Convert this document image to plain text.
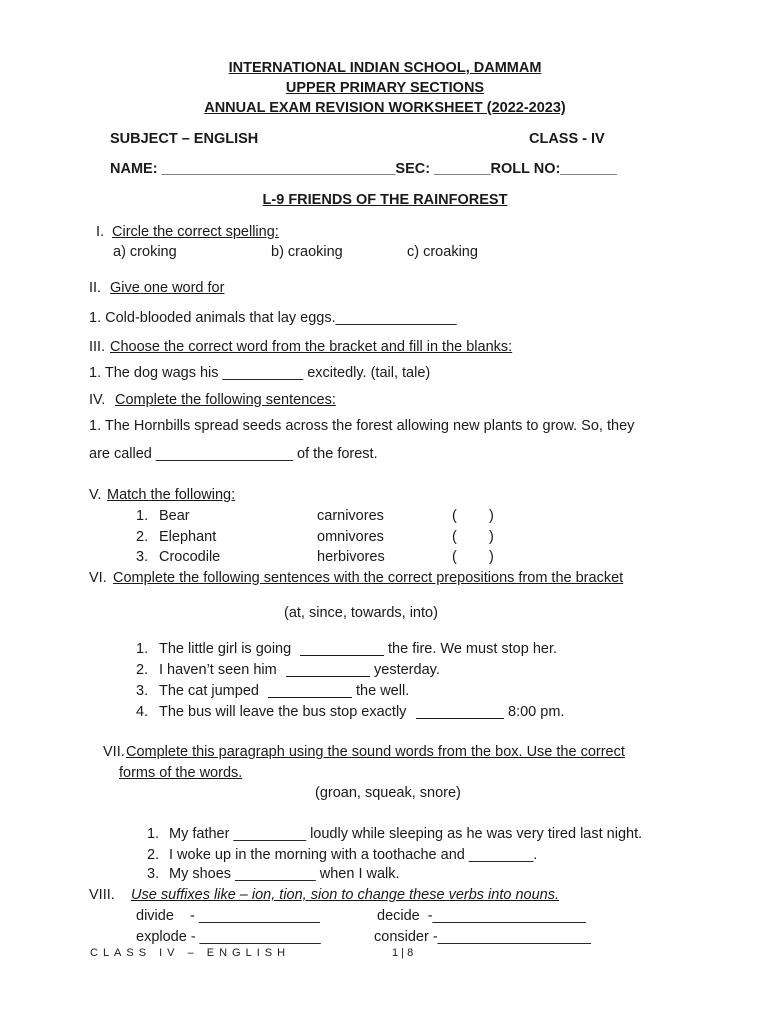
INTERNATIONAL INDIAN SCHOOL, DAMMAM
UPPER PRIMARY SECTIONS
ANNUAL EXAM REVISION WORKSHEET (2022-2023)
SUBJECT – ENGLISH	CLASS - IV
NAME: _____________________________SEC: _______ROLL NO:_______
L-9 FRIENDS OF THE RAINFOREST
I. Circle the correct spelling:
a) croking	b) craoking	c) croaking
II. Give one word for
1. Cold-blooded animals that lay eggs._______________
III. Choose the correct word from the bracket and fill in the blanks:
1. The dog wags his __________ excitedly. (tail, tale)
IV. Complete the following sentences:
1. The Hornbills spread seeds across the forest allowing new plants to grow. So, they
are called _________________ of the forest.
V. Match the following:
1. Bear	carnivores	(        )
2. Elephant	omnivores	(        )
3. Crocodile	herbivores	(        )
VI. Complete the following sentences with the correct prepositions from the bracket
(at, since, towards, into)
1. The little girl is going	the fire. We must stop her.
2. I haven’t seen him	yesterday.
3. The cat jumped	the well.
4. The bus will leave the bus stop exactly	8:00 pm.
VII. Complete this paragraph using the sound words from the box. Use the correct
forms of the words.
(groan, squeak, snore)
1. My father _________ loudly while sleeping as he was very tired last night.
2. I woke up in the morning with a toothache and ________.
3. My shoes __________ when I walk.
VIII. Use suffixes like – ion, tion, sion to change these verbs into nouns.
divide    - _______________	decide  -___________________
explode - _______________	consider -___________________
CLASS IV – ENGLISH	1 | 8
